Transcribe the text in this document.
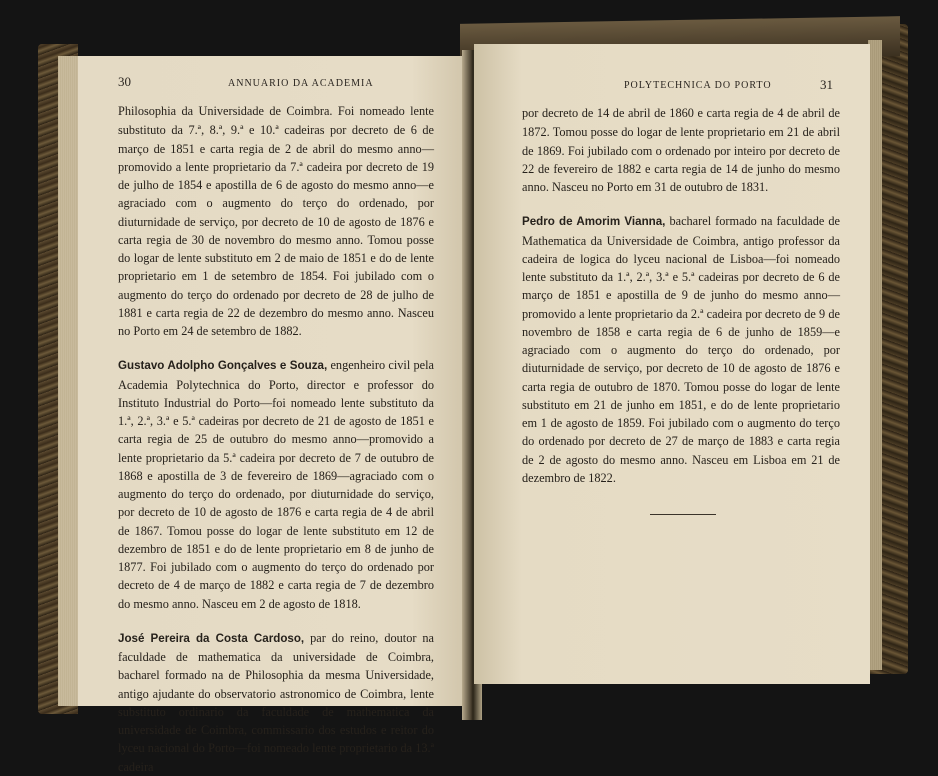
30	ANNUARIO DA ACADEMIA

Philosophia da Universidade de Coimbra. Foi nomeado lente substituto da 7.ª, 8.ª, 9.ª e 10.ª cadeiras por decreto de 6 de março de 1851 e carta regia de 2 de abril do mesmo anno—promovido a lente proprietario da 7.ª cadeira por decreto de 19 de julho de 1854 e apostilla de 6 de agosto do mesmo anno—e agraciado com o augmento do terço do ordenado, por diuturnidade de serviço, por decreto de 10 de agosto de 1876 e carta regia de 30 de novembro do mesmo anno. Tomou posse do logar de lente substituto em 2 de maio de 1851 e do de lente proprietario em 1 de setembro de 1854. Foi jubilado com o augmento do terço do ordenado por decreto de 28 de julho de 1881 e carta regia de 22 de dezembro do mesmo anno. Nasceu no Porto em 24 de setembro de 1882.

Gustavo Adolpho Gonçalves e Souza, engenheiro civil pela Academia Polytechnica do Porto, director e professor do Instituto Industrial do Porto—foi nomeado lente substituto da 1.ª, 2.ª, 3.ª e 5.ª cadeiras por decreto de 21 de agosto de 1851 e carta regia de 25 de outubro do mesmo anno—promovido a lente proprietario da 5.ª cadeira por decreto de 7 de outubro de 1868 e apostilla de 3 de fevereiro de 1869—agraciado com o augmento do terço do ordenado, por diuturnidade do serviço, por decreto de 10 de agosto de 1876 e carta regia de 4 de abril de 1867. Tomou posse do logar de lente substituto em 12 de dezembro de 1851 e do de lente proprietario em 8 de junho de 1877. Foi jubilado com o augmento do terço do ordenado por decreto de 4 de março de 1882 e carta regia de 7 de dezembro do mesmo anno. Nasceu em 2 de agosto de 1818.

José Pereira da Costa Cardoso, par do reino, doutor na faculdade de mathematica da universidade de Coimbra, bacharel formado na de Philosophia da mesma Universidade, antigo ajudante do observatorio astronomico de Coimbra, lente substituto ordinario da faculdade de mathematica da universidade de Coimbra, commissario dos estudos e reitor do lyceu nacional do Porto—foi nomeado lente proprietario da 13.ª cadeira

POLYTECHNICA DO PORTO	31

por decreto de 14 de abril de 1860 e carta regia de 4 de abril de 1872. Tomou posse do logar de lente proprietario em 21 de abril de 1869. Foi jubilado com o ordenado por inteiro por decreto de 22 de fevereiro de 1882 e carta regia de 14 de junho do mesmo anno. Nasceu no Porto em 31 de outubro de 1831.

Pedro de Amorim Vianna, bacharel formado na faculdade de Mathematica da Universidade de Coimbra, antigo professor da cadeira de logica do lyceu nacional de Lisboa—foi nomeado lente substituto da 1.ª, 2.ª, 3.ª e 5.ª cadeiras por decreto de 6 de março de 1851 e apostilla de 9 de junho do mesmo anno—promovido a lente proprietario da 2.ª cadeira por decreto de 9 de novembro de 1858 e carta regia de 6 de junho de 1859—e agraciado com o augmento do terço do ordenado, por diuturnidade de serviço, por decreto de 10 de agosto de 1876 e carta regia de outubro de 1870. Tomou posse do logar de lente substituto em 21 de junho em 1851, e do de lente proprietario em 1 de agosto de 1859. Foi jubilado com o augmento do terço do ordenado por decreto de 27 de março de 1883 e carta regia de 2 de agosto do mesmo anno. Nasceu em Lisboa em 21 de dezembro de 1822.
